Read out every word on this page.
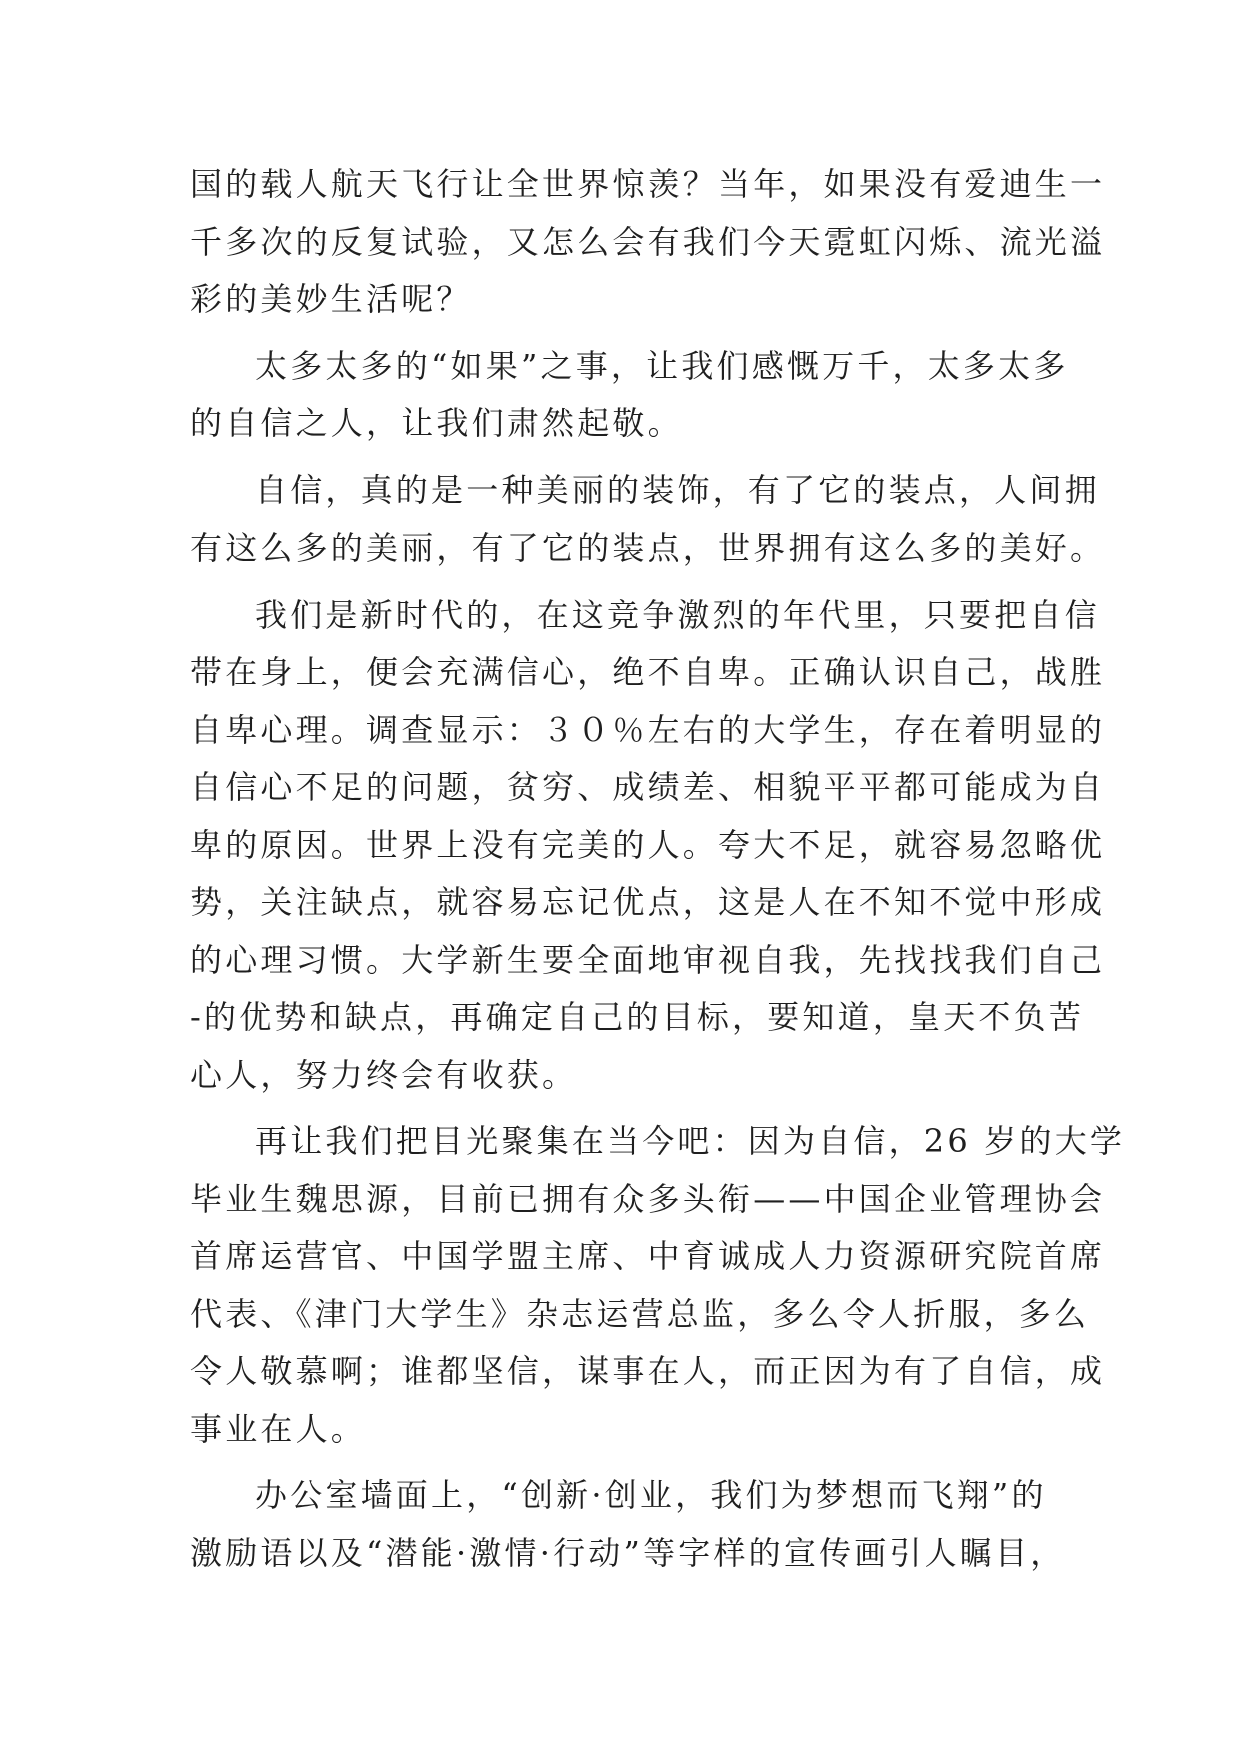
国的载人航天飞行让全世界惊羡？当年，如果没有爱迪生一
千多次的反复试验，又怎么会有我们今天霓虹闪烁、流光溢
彩的美妙生活呢？
太多太多的“如果”之事，让我们感慨万千，太多太多
的自信之人，让我们肃然起敬。
自信，真的是一种美丽的装饰，有了它的装点，人间拥
有这么多的美丽，有了它的装点，世界拥有这么多的美好。
我们是新时代的，在这竞争激烈的年代里，只要把自信
带在身上，便会充满信心，绝不自卑。正确认识自己，战胜
自卑心理。调查显示：３０％左右的大学生，存在着明显的
自信心不足的问题，贫穷、成绩差、相貌平平都可能成为自
卑的原因。世界上没有完美的人。夸大不足，就容易忽略优
势，关注缺点，就容易忘记优点，这是人在不知不觉中形成
的心理习惯。大学新生要全面地审视自我，先找找我们自己
-的优势和缺点，再确定自己的目标，要知道，皇天不负苦
心人，努力终会有收获。
再让我们把目光聚集在当今吧：因为自信，26 岁的大学
毕业生魏思源，目前已拥有众多头衔——中国企业管理协会
首席运营官、中国学盟主席、中育诚成人力资源研究院首席
代表、《津门大学生》杂志运营总监，多么令人折服，多么
令人敬慕啊；谁都坚信，谋事在人，而正因为有了自信，成
事业在人。
办公室墙面上，“创新·创业，我们为梦想而飞翔”的
激励语以及“潜能·激情·行动”等字样的宣传画引人瞩目，
